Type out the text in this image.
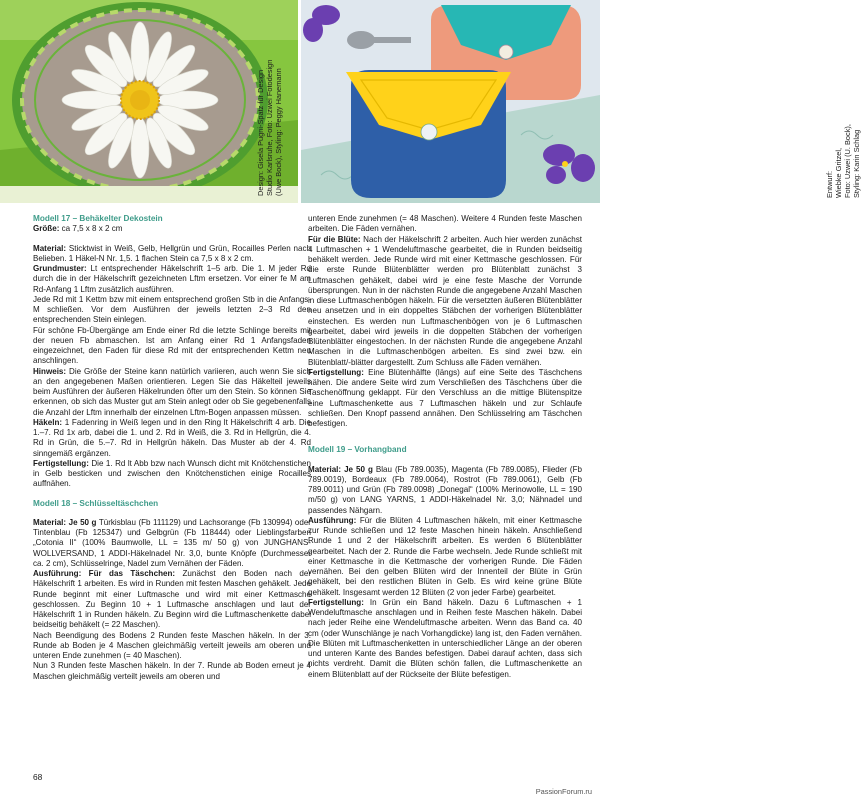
Design: Gisela Pugni-Spatz für Design Studio Karlsruhe, Foto: Uzwei Fotodesign (Uwe Bock), Styling: Peggy Hanemann	Entwurf: Wiebke Gritzel, Foto: Uzwei (U. Bock), Styling: Karin Schlag

Modell 17 – Behäkelter Dekostein

Größe: ca 7,5 x 8 x 2 cm

Material: Sticktwist in Weiß, Gelb, Hellgrün und Grün, Rocailles Perlen nach Belieben. 1 Häkel-N Nr. 1,5. 1 flachen Stein ca 7,5 x 8 x 2 cm.

Grundmuster: Lt entsprechender Häkelschrift 1–5 arb. Die 1. M jeder Rd durch die in der Häkelschrift gezeichneten Lftm ersetzen. Vor einer fe M am Rd-Anfang 1 Lftm zusätzlich ausführen.

Jede Rd mit 1 Kettm bzw mit einem entsprechend großen Stb in die Anfangs-M schließen. Vor dem Ausführen der jeweils letzten 2–3 Rd den entsprechenden Stein einlegen.

Für schöne Fb-Übergänge am Ende einer Rd die letzte Schlinge bereits mit der neuen Fb abmaschen. Ist am Anfang einer Rd 1 Anfangsfaden eingezeichnet, den Faden für diese Rd mit der entsprechenden Kettm neu anschlingen.

Hinweis: Die Größe der Steine kann natürlich variieren, auch wenn Sie sich an den angegebenen Maßen orientieren. Legen Sie das Häkelteil jeweils beim Ausführen der äußeren Häkelrunden öfter um den Stein. So können Sie erkennen, ob sich das Muster gut am Stein anlegt oder ob Sie gegebenenfalls die Anzahl der Lftm innerhalb der einzelnen Lftm-Bogen anpassen müssen.

Häkeln: 1 Fadenring in Weiß legen und in den Ring lt Häkelschrift 4 arb. Die 1.–7. Rd 1x arb, dabei die 1. und 2. Rd in Weiß, die 3. Rd in Hellgrün, die 4. Rd in Grün, die 5.–7. Rd in Hellgrün häkeln. Das Muster ab der 4. Rd sinngemäß ergänzen.

Fertigstellung: Die 1. Rd lt Abb bzw nach Wunsch dicht mit Knötchenstichen in Gelb besticken und zwischen den Knötchenstichen einige Rocailles auffnähen.

Modell 18 – Schlüsseltäschchen

Material: Je 50 g Türkisblau (Fb 111129) und Lachsorange (Fb 130994) oder Tintenblau (Fb 125347) und Gelbgrün (Fb 118444) oder Lieblingsfarben „Cotonia II“ (100% Baumwolle, LL = 135 m/ 50 g) von JUNGHANS-WOLLVERSAND, 1 ADDI-Häkelnadel Nr. 3,0, bunte Knöpfe (Durchmesser ca. 2 cm), Schlüsselringe, Nadel zum Vernähen der Fäden.

Ausführung: Für das Täschchen: Zunächst den Boden nach der Häkelschrift 1 arbeiten. Es wird in Runden mit festen Maschen gehäkelt. Jede Runde beginnt mit einer Luftmasche und wird mit einer Kettmasche geschlossen. Zu Beginn 10 + 1 Luftmasche anschlagen und laut der Häkelschrift 1 in Runden häkeln. Zu Beginn wird die Luftmaschenkette dabei beidseitig behäkelt (= 22 Maschen).

Nach Beendigung des Bodens 2 Runden feste Maschen häkeln. In der 3. Runde ab Boden je 4 Maschen gleichmäßig verteilt jeweils am oberen und unteren Ende zunehmen (= 40 Maschen).

Nun 3 Runden feste Maschen häkeln. In der 7. Runde ab Boden erneut je 4 Maschen gleichmäßig verteilt jeweils am oberen und

unteren Ende zunehmen (= 48 Maschen). Weitere 4 Runden feste Maschen arbeiten. Die Fäden vernähen.

Für die Blüte: Nach der Häkelschrift 2 arbeiten. Auch hier werden zunächst 4 Luftmaschen + 1 Wendeluftmasche gearbeitet, die in Runden beidseitig behäkelt werden. Jede Runde wird mit einer Kettmasche geschlossen. Für die erste Runde Blütenblätter werden pro Blütenblatt zunächst 3 Luftmaschen gehäkelt, dabei wird je eine feste Masche der Vorrunde übersprungen. Nun in der nächsten Runde die angegebene Anzahl Maschen in diese Luftmaschenbögen häkeln. Für die versetzten äußeren Blütenblätter neu ansetzen und in ein doppeltes Stäbchen der vorherigen Blütenblätter einstechen. Es werden nun Luftmaschenbögen von je 6 Luftmaschen gearbeitet, dabei wird jeweils in die doppelten Stäbchen der vorherigen Blütenblätter eingestochen. In der nächsten Runde die angegebene Anzahl Maschen in die Luftmaschenbögen arbeiten. Es sind zwei bzw. ein Blütenblatt/-blätter dargestellt. Zum Schluss alle Fäden vernähen.

Fertigstellung: Eine Blütenhälfte (längs) auf eine Seite des Täschchens nähen. Die andere Seite wird zum Verschließen des Täschchens über die Taschenöffnung geklappt. Für den Verschluss an die mittige Blütenspitze eine Luftmaschenkette aus 7 Luftmaschen häkeln und zur Schlaufe schließen. Den Knopf passend annähen. Den Schlüsselring am Täschchen befestigen.

Modell 19 – Vorhangband

Material: Je 50 g Blau (Fb 789.0035), Magenta (Fb 789.0085), Flieder (Fb 789.0019), Bordeaux (Fb 789.0064), Rostrot (Fb 789.0061), Gelb (Fb 789.0011) und Grün (Fb 789.0098) „Donegal“ (100% Merinowolle, LL = 190 m/50 g) von LANG YARNS, 1 ADDI-Häkelnadel Nr. 3,0; Nähnadel und passendes Nähgarn.

Ausführung: Für die Blüten 4 Luftmaschen häkeln, mit einer Kettmasche zur Runde schließen und 12 feste Maschen hinein häkeln. Anschließend Runde 1 und 2 der Häkelschrift arbeiten. Es werden 6 Blütenblätter gearbeitet. Nach der 2. Runde die Farbe wechseln. Jede Runde schließt mit einer Kettmasche in die Kettmasche der vorherigen Runde. Die Fäden vernähen. Bei den gelben Blüten wird der Innenteil der Blüte in Grün gehäkelt, bei den restlichen Blüten in Gelb. Es wird keine grüne Blüte gehäkelt. Insgesamt werden 12 Blüten (2 von jeder Farbe) gearbeitet.

Fertigstellung: In Grün ein Band häkeln. Dazu 6 Luftmaschen + 1 Wendeluftmasche anschlagen und in Reihen feste Maschen häkeln. Dabei nach jeder Reihe eine Wendeluftmasche arbeiten. Wenn das Band ca. 40 cm (oder Wunschlänge je nach Vorhangdicke) lang ist, den Faden vernähen. Die Blüten mit Luftmaschenketten in unterschiedlicher Länge an der oberen und unteren Kante des Bandes befestigen. Dabei darauf achten, dass sich nichts verdreht. Damit die Blüten schön fallen, die Luftmaschenkette an einem Blütenblatt auf der Rückseite der Blüte befestigen.

68
PassionForum.ru
